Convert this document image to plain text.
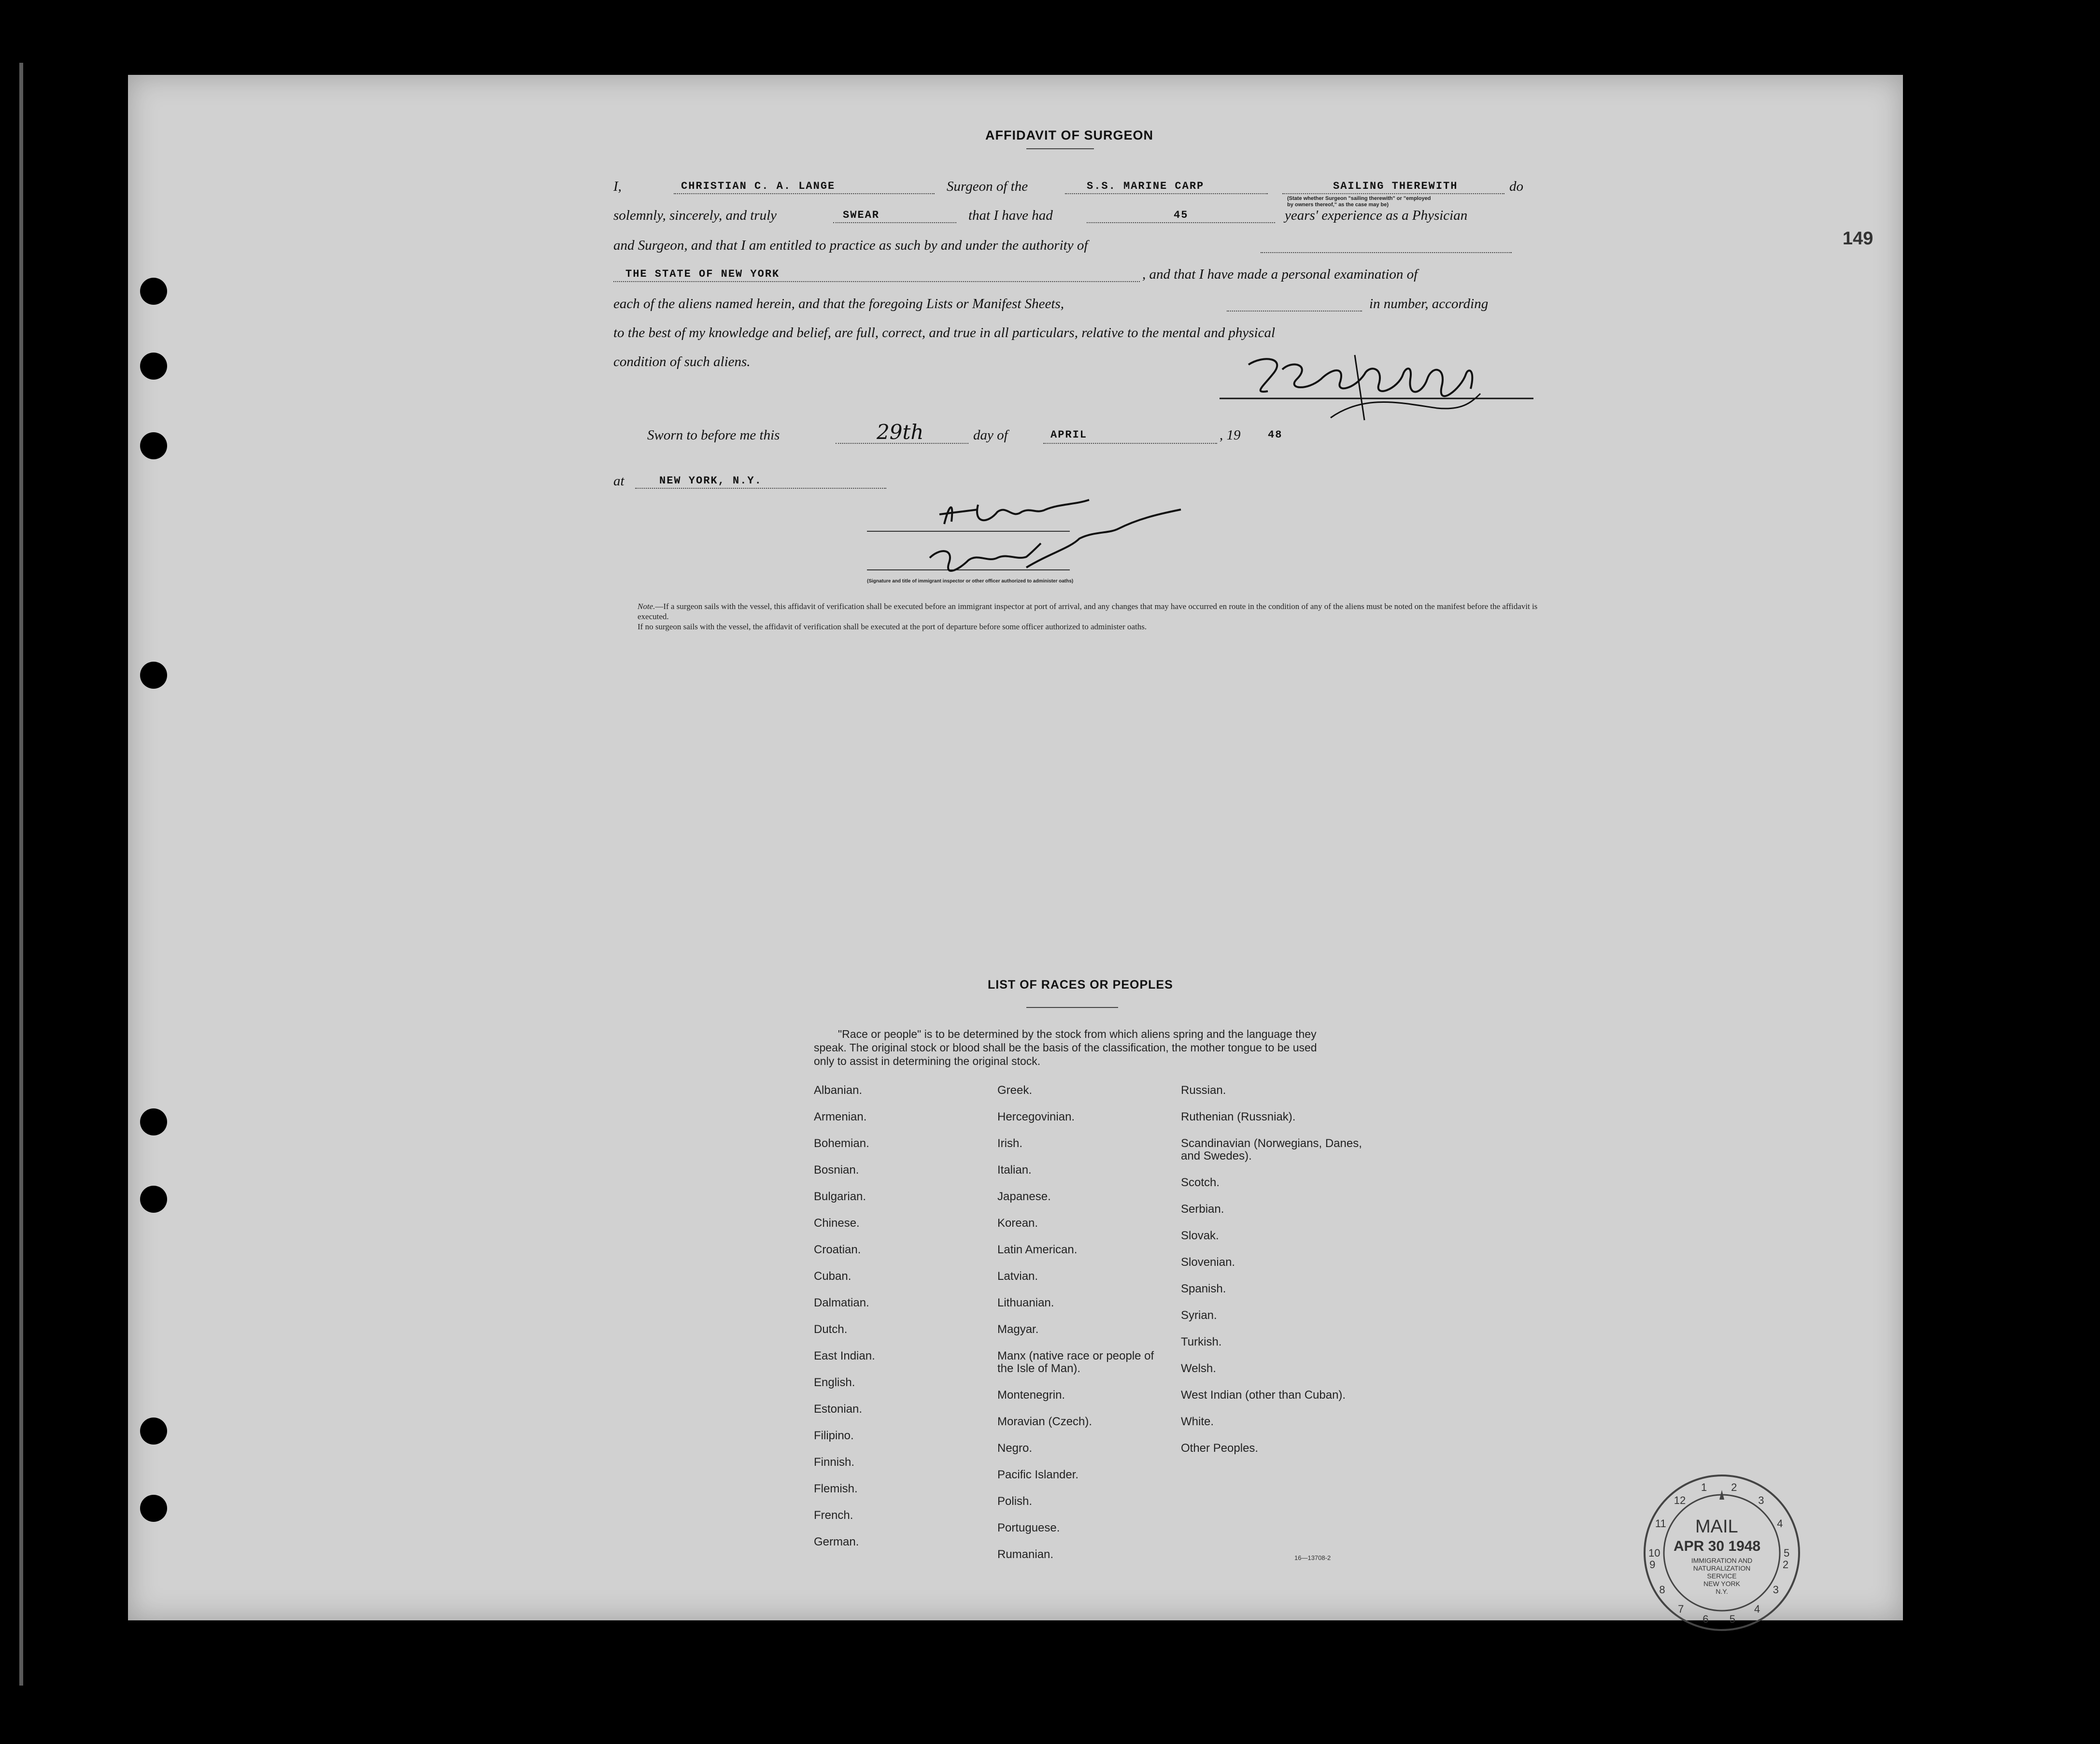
149
AFFIDAVIT OF SURGEON
I,	CHRISTIAN C. A. LANGE	Surgeon of the	S.S. MARINE CARP	SAILING THEREWITH
(State whether Surgeon "sailing therewith" or "employed by owners thereof," as the case may be)
do
solemnly, sincerely, and truly	SWEAR	that I have had	45	years' experience as a Physician
and Surgeon, and that I am entitled to practice as such by and under the authority of
THE STATE OF NEW YORK	, and that I have made a personal examination of
each of the aliens named herein, and that the foregoing Lists or Manifest Sheets,	in number, according
to the best of my knowledge and belief, are full, correct, and true in all particulars, relative to the mental and physical
condition of such aliens.
Sworn to before me this	29th	day of	APRIL	, 19	48
at	NEW YORK, N.Y.
(Signature and title of immigrant inspector or other officer authorized to administer oaths)
Note.—If a surgeon sails with the vessel, this affidavit of verification shall be executed before an immigrant inspector at port of arrival, and any changes that may have occurred en route in the condition of any of the aliens must be noted on the manifest before the affidavit is executed.
If no surgeon sails with the vessel, the affidavit of verification shall be executed at the port of departure before some officer authorized to administer oaths.
LIST OF RACES OR PEOPLES
"Race or people" is to be determined by the stock from which aliens spring and the language they speak. The original stock or blood shall be the basis of the classification, the mother tongue to be used only to assist in determining the original stock.
Albanian.
Armenian.
Bohemian.
Bosnian.
Bulgarian.
Chinese.
Croatian.
Cuban.
Dalmatian.
Dutch.
East Indian.
English.
Estonian.
Filipino.
Finnish.
Flemish.
French.
German.
Greek.
Hercegovinian.
Irish.
Italian.
Japanese.
Korean.
Latin American.
Latvian.
Lithuanian.
Magyar.
Manx (native race or people of the Isle of Man).
Montenegrin.
Moravian (Czech).
Negro.
Pacific Islander.
Polish.
Portuguese.
Rumanian.
Russian.
Ruthenian (Russniak).
Scandinavian (Norwegians, Danes, and Swedes).
Scotch.
Serbian.
Slovak.
Slovenian.
Spanish.
Syrian.
Turkish.
Welsh.
West Indian (other than Cuban).
White.
Other Peoples.
16—13708-2	10
11
12
1 2
3
4
5
9
8
7
6 5
4
3
2
MAIL
APR 30 1948
IMMIGRATION AND
NATURALIZATION
SERVICE
NEW YORK
N.Y.
